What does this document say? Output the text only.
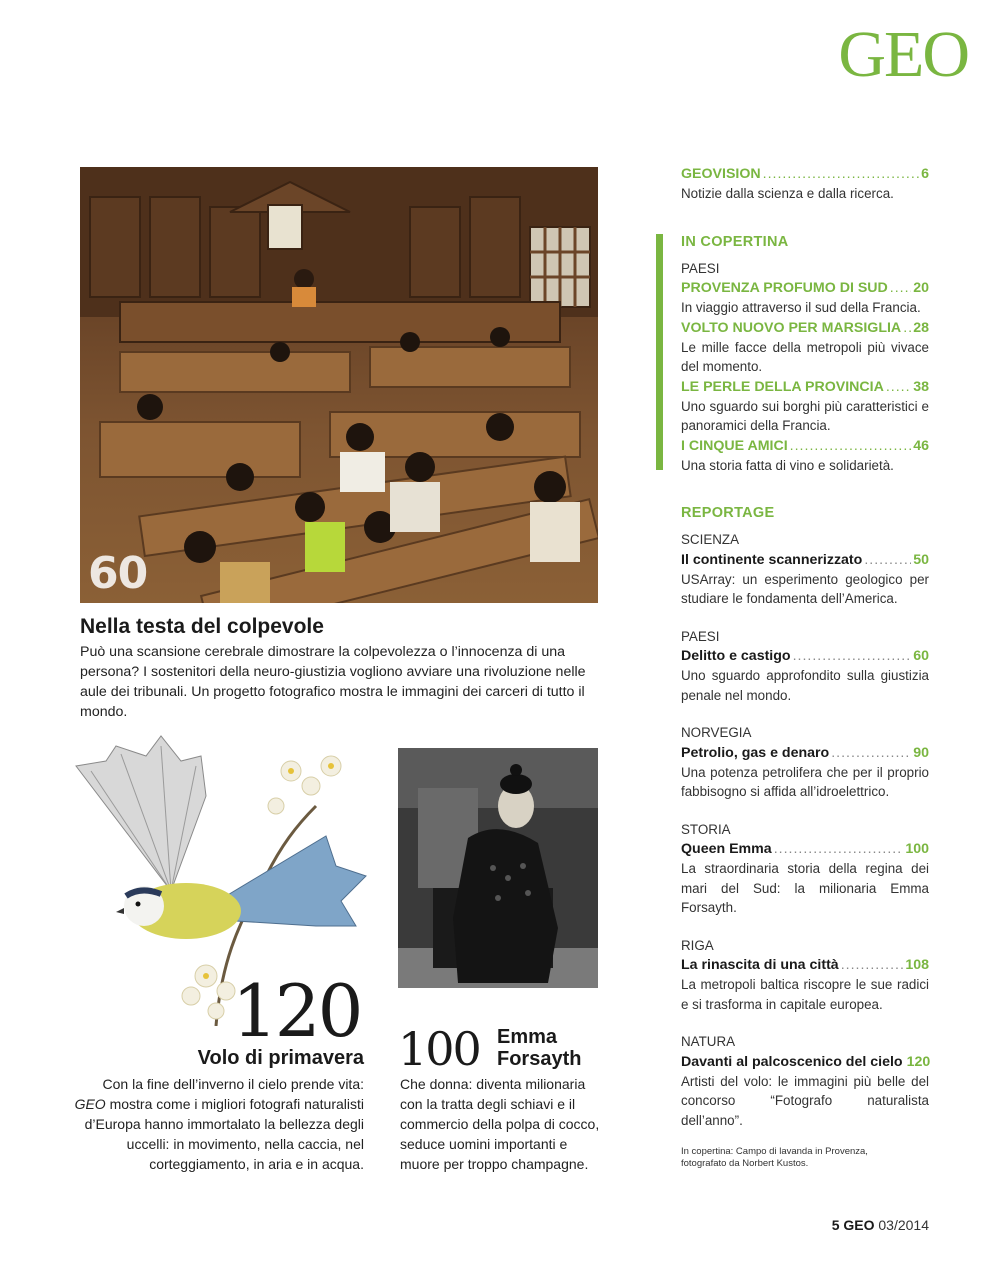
GEO
60
Nella testa del colpevole
Può una scansione cerebrale dimostrare la colpevolezza o l’innocenza di una persona? I sostenitori della neuro-giustizia vogliono avviare una rivoluzione nelle aule dei tribunali. Un progetto fotografico mostra le immagini dei carceri di tutto il mondo.
120
Volo di primavera
Con la fine dell’inverno il cielo prende vita: GEO mostra come i migliori fotografi naturalisti d’Europa hanno immortalato la bellezza degli uccelli: in movimento, nella caccia, nel corteggiamento, in aria e in acqua.
100 Emma
Forsayth
Che donna: diventa milionaria con la tratta degli schiavi e il commercio della polpa di cocco, seduce uomini importanti e muore per troppo champagne.
GEOVISION .....	6
Notizie dalla scienza e dalla ricerca.
IN COPERTINA
PAESI
PROVENZA PROFUMO DI SUD ..... 20
In viaggio attraverso il sud della Francia.
VOLTO NUOVO PER MARSIGLIA ..... 28
Le mille facce della metropoli più vivace del momento.
LE PERLE DELLA PROVINCIA ..... 38
Uno sguardo sui borghi più caratteristici e panoramici della Francia.
I CINQUE AMICI .....	46
Una storia fatta di vino e solidarietà.
REPORTAGE
SCIENZA
Il continente scannerizzato .....	50
USArray: un esperimento geologico per studiare le fondamenta dell’America.
PAESI
Delitto e castigo .....	60
Uno sguardo approfondito sulla giustizia penale nel mondo.
NORVEGIA
Petrolio, gas e denaro .....	90
Una potenza petrolifera che per il proprio fabbisogno si affida all’idroelettrico.
STORIA
Queen Emma .....	100
La straordinaria storia della regina dei mari del Sud: la milionaria Emma Forsayth.
RIGA
La rinascita di una città .....	108
La metropoli baltica riscopre le sue radici e si trasforma in capitale europea.
NATURA
Davanti al palcoscenico del cielo 120
Artisti del volo: le immagini più belle del concorso “Fotografo naturalista dell’anno”.
In copertina: Campo di lavanda in Provenza,
fotografato da Norbert Kustos.
5 GEO 03/2014
